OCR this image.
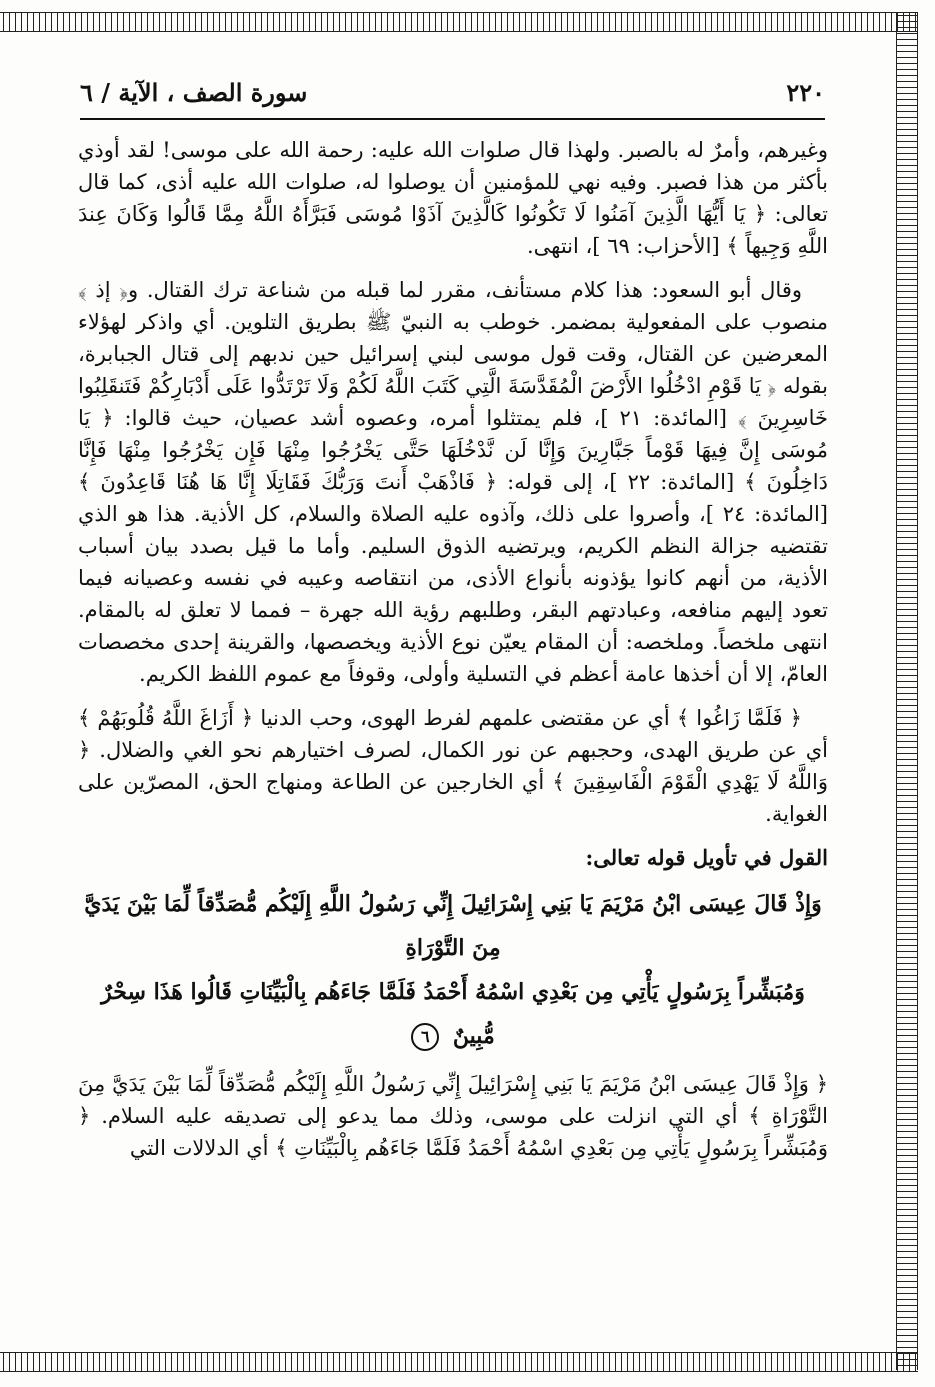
٢٢٠
سورة الصف ، الآية / ٦

وغيرهم، وأمرٌ له بالصبر. ولهذا قال صلوات الله عليه: رحمة الله على موسى! لقد أوذي بأكثر من هذا فصبر. وفيه نهي للمؤمنين أن يوصلوا له، صلوات الله عليه أذى، كما قال تعالى: ﴿ يَا أَيُّهَا الَّذِينَ آمَنُوا لَا تَكُونُوا كَالَّذِينَ آذَوْا مُوسَى فَبَرَّأَهُ اللَّهُ مِمَّا قَالُوا وَكَانَ عِندَ اللَّهِ وَجِيهاً ﴾ [الأحزاب: ٦٩ ]، انتهى.

وقال أبو السعود: هذا كلام مستأنف، مقرر لما قبله من شناعة ترك القتال. و﴿ إذ ﴾ منصوب على المفعولية بمضمر. خوطب به النبيّ ﷺ بطريق التلوين. أي واذكر لهؤلاء المعرضين عن القتال، وقت قول موسى لبني إسرائيل حين ندبهم إلى قتال الجبابرة، بقوله ﴿ يَا قَوْمِ ادْخُلُوا الأَرْضَ الْمُقَدَّسَةَ الَّتِي كَتَبَ اللَّهُ لَكُمْ وَلَا تَرْتَدُّوا عَلَى أَدْبَارِكُمْ فَتَنقَلِبُوا خَاسِرِينَ ﴾ [المائدة: ٢١ ]، فلم يمتثلوا أمره، وعصوه أشد عصيان، حيث قالوا: ﴿ يَا مُوسَى إِنَّ فِيهَا قَوْماً جَبَّارِينَ وَإِنَّا لَن نَّدْخُلَهَا حَتَّى يَخْرُجُوا مِنْهَا فَإِن يَخْرُجُوا مِنْهَا فَإِنَّا دَاخِلُونَ ﴾ [المائدة: ٢٢ ]، إلى قوله: ﴿ فَاذْهَبْ أَنتَ وَرَبُّكَ فَقَاتِلَا إِنَّا هَا هُنَا قَاعِدُونَ ﴾ [المائدة: ٢٤ ]، وأصروا على ذلك، وآذوه عليه الصلاة والسلام، كل الأذية. هذا هو الذي تقتضيه جزالة النظم الكريم، ويرتضيه الذوق السليم. وأما ما قيل بصدد بيان أسباب الأذية، من أنهم كانوا يؤذونه بأنواع الأذى، من انتقاصه وعيبه في نفسه وعصيانه فيما تعود إليهم منافعه، وعبادتهم البقر، وطلبهم رؤية الله جهرة – فمما لا تعلق له بالمقام. انتهى ملخصاً. وملخصه: أن المقام يعيّن نوع الأذية ويخصصها، والقرينة إحدى مخصصات العامّ، إلا أن أخذها عامة أعظم في التسلية وأولى، وقوفاً مع عموم اللفظ الكريم.

﴿ فَلَمَّا زَاغُوا ﴾ أي عن مقتضى علمهم لفرط الهوى، وحب الدنيا ﴿ أَزَاغَ اللَّهُ قُلُوبَهُمْ ﴾ أي عن طريق الهدى، وحجبهم عن نور الكمال، لصرف اختيارهم نحو الغي والضلال. ﴿ وَاللَّهُ لَا يَهْدِي الْقَوْمَ الْفَاسِقِينَ ﴾ أي الخارجين عن الطاعة ومنهاج الحق، المصرّين على الغواية.

القول في تأويل قوله تعالى:

وَإِذْ قَالَ عِيسَى ابْنُ مَرْيَمَ يَا بَنِي إِسْرَائِيلَ إِنِّي رَسُولُ اللَّهِ إِلَيْكُم مُّصَدِّقاً لِّمَا بَيْنَ يَدَيَّ مِنَ التَّوْرَاةِ
وَمُبَشِّراً بِرَسُولٍ يَأْتِي مِن بَعْدِي اسْمُهُ أَحْمَدُ فَلَمَّا جَاءَهُم بِالْبَيِّنَاتِ قَالُوا هَذَا سِحْرٌ مُّبِينٌ ٦

﴿ وَإِذْ قَالَ عِيسَى ابْنُ مَرْيَمَ يَا بَنِي إِسْرَائِيلَ إِنِّي رَسُولُ اللَّهِ إِلَيْكُم مُّصَدِّقاً لِّمَا بَيْنَ يَدَيَّ مِنَ التَّوْرَاةِ ﴾ أي التي انزلت على موسى، وذلك مما يدعو إلى تصديقه عليه السلام. ﴿ وَمُبَشِّراً بِرَسُولٍ يَأْتِي مِن بَعْدِي اسْمُهُ أَحْمَدُ فَلَمَّا جَاءَهُم بِالْبَيِّنَاتِ ﴾ أي الدلالات التي
